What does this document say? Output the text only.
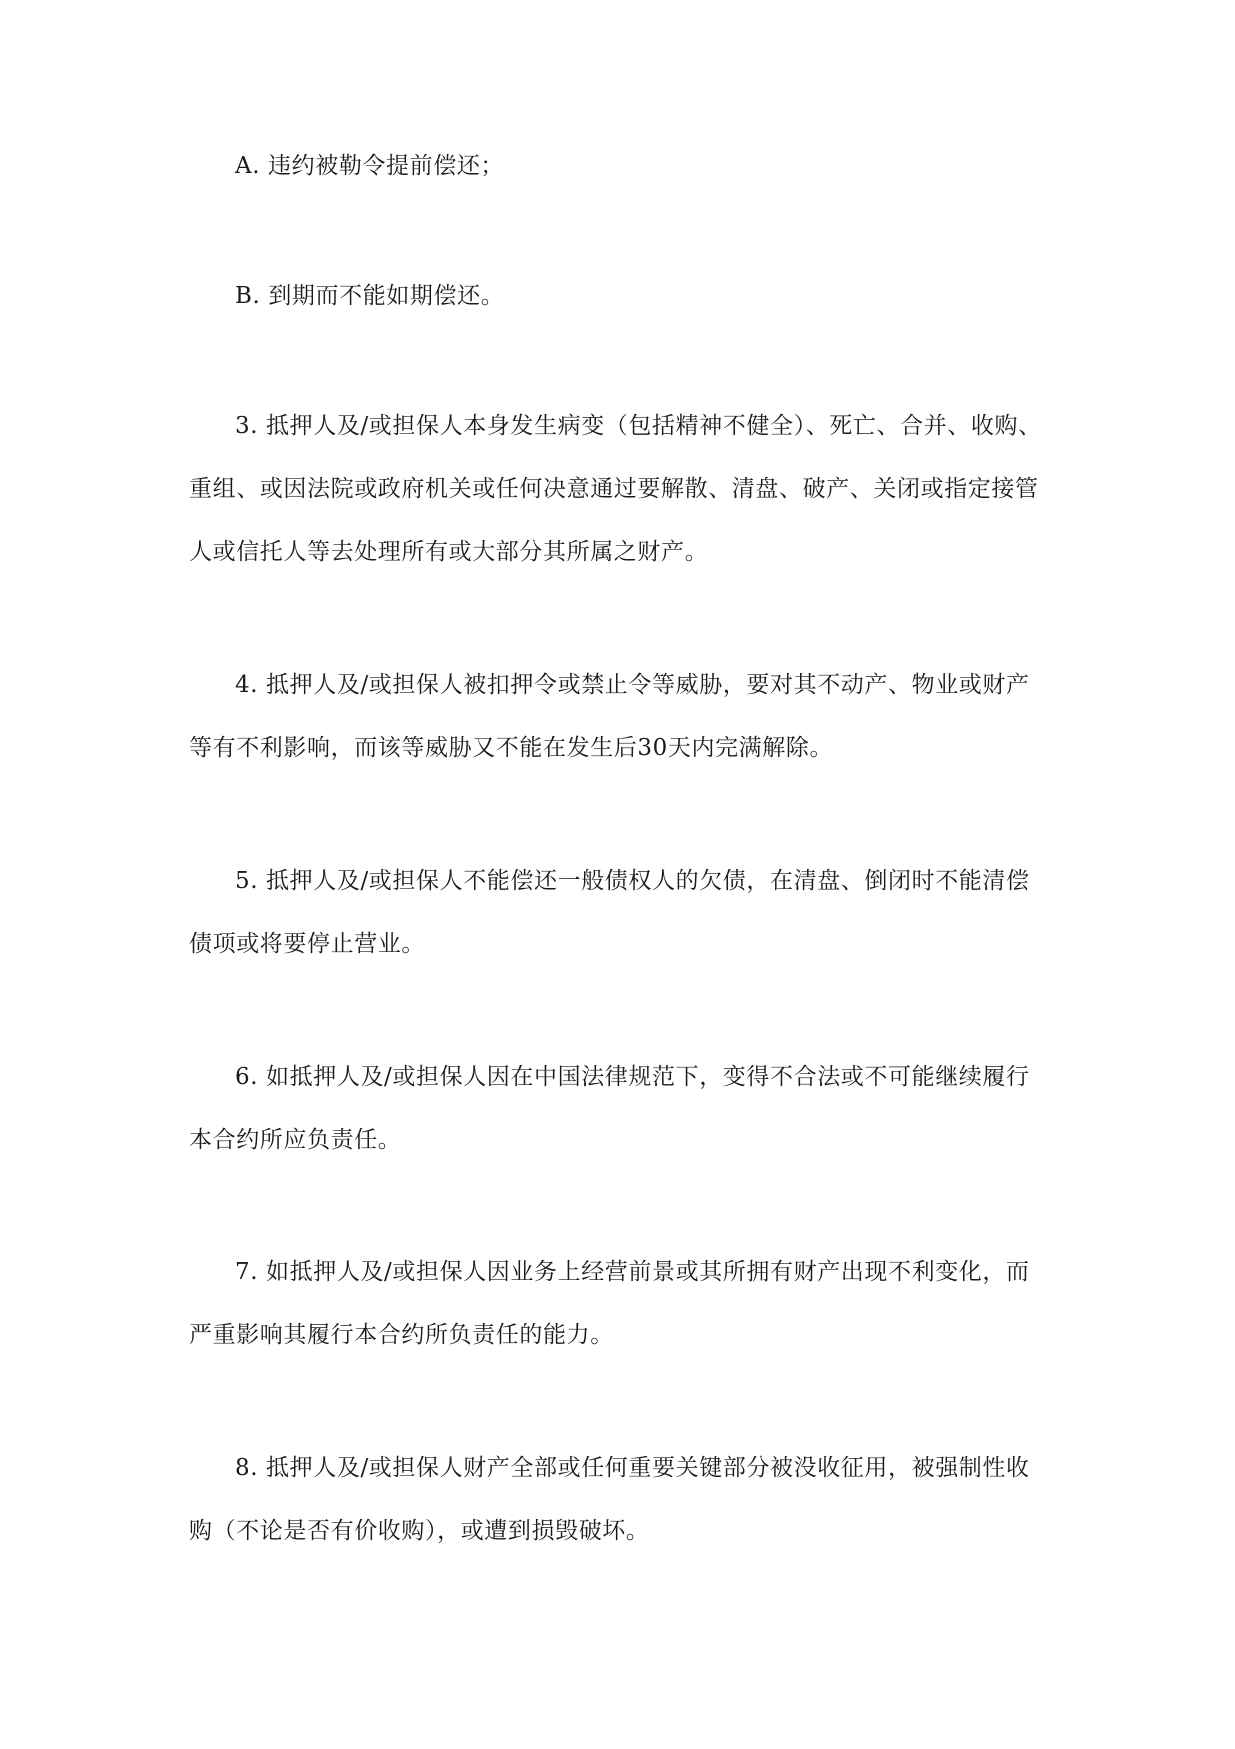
A. 违约被勒令提前偿还；

B. 到期而不能如期偿还。

3. 抵押人及/或担保人本身发生病变（包括精神不健全）、死亡、合并、收购、重组、或因法院或政府机关或任何决意通过要解散、清盘、破产、关闭或指定接管人或信托人等去处理所有或大部分其所属之财产。

4. 抵押人及/或担保人被扣押令或禁止令等威胁，要对其不动产、物业或财产等有不利影响，而该等威胁又不能在发生后30天内完满解除。

5. 抵押人及/或担保人不能偿还一般债权人的欠债，在清盘、倒闭时不能清偿债项或将要停止营业。

6. 如抵押人及/或担保人因在中国法律规范下，变得不合法或不可能继续履行本合约所应负责任。

7. 如抵押人及/或担保人因业务上经营前景或其所拥有财产出现不利变化，而严重影响其履行本合约所负责任的能力。

8. 抵押人及/或担保人财产全部或任何重要关键部分被没收征用，被强制性收购（不论是否有价收购），或遭到损毁破坏。
